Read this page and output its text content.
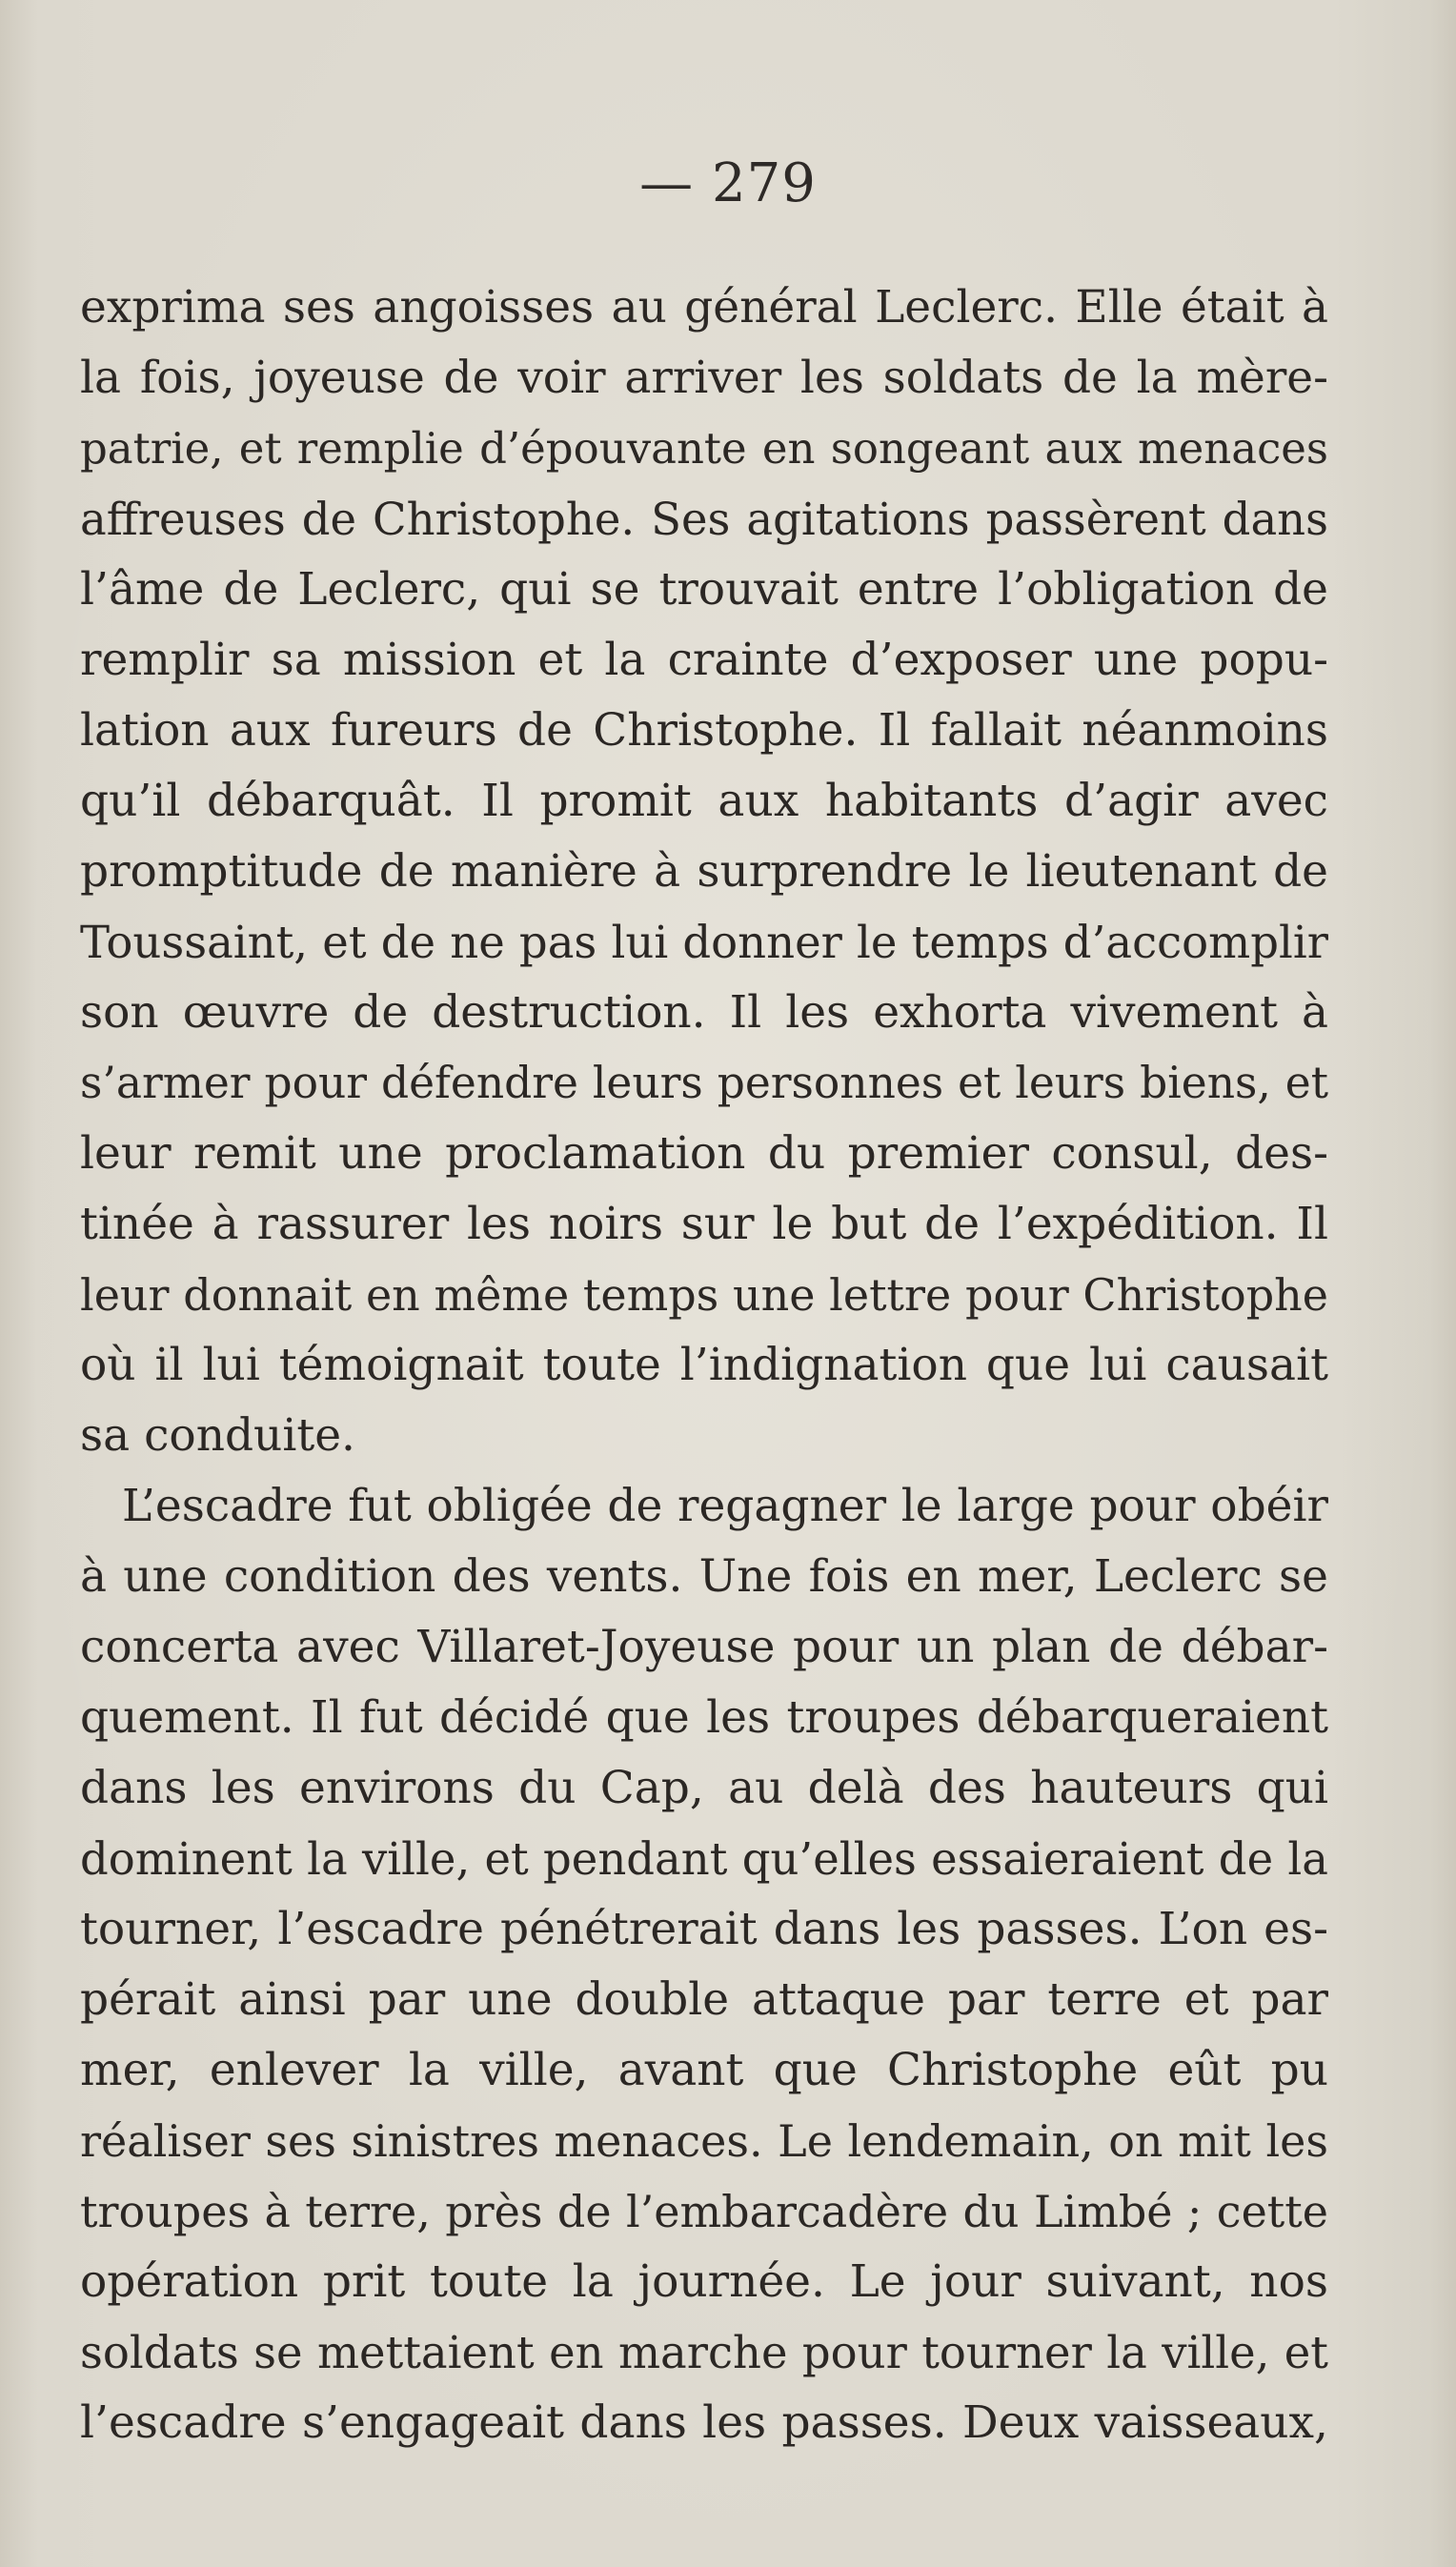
— 279
exprima ses angoisses au général Leclerc. Elle était à
la fois, joyeuse de voir arriver les soldats de la mère-
patrie, et remplie d’épouvante en songeant aux menaces
affreuses de Christophe. Ses agitations passèrent dans
l’âme de Leclerc, qui se trouvait entre l’obligation de
remplir sa mission et la crainte d’exposer une popu-
lation aux fureurs de Christophe. Il fallait néanmoins
qu’il débarquât. Il promit aux habitants d’agir avec
promptitude de manière à surprendre le lieutenant de
Toussaint, et de ne pas lui donner le temps d’accomplir
son œuvre de destruction. Il les exhorta vivement à
s’armer pour défendre leurs personnes et leurs biens, et
leur remit une proclamation du premier consul, des-
tinée à rassurer les noirs sur le but de l’expédition. Il
leur donnait en même temps une lettre pour Christophe
où il lui témoignait toute l’indignation que lui causait
sa conduite.
L’escadre fut obligée de regagner le large pour obéir
à une condition des vents. Une fois en mer, Leclerc se
concerta avec Villaret-Joyeuse pour un plan de débar-
quement. Il fut décidé que les troupes débarqueraient
dans les environs du Cap, au delà des hauteurs qui
dominent la ville, et pendant qu’elles essaieraient de la
tourner, l’escadre pénétrerait dans les passes. L’on es-
pérait ainsi par une double attaque par terre et par
mer, enlever la ville, avant que Christophe eût pu
réaliser ses sinistres menaces. Le lendemain, on mit les
troupes à terre, près de l’embarcadère du Limbé ; cette
opération prit toute la journée. Le jour suivant, nos
soldats se mettaient en marche pour tourner la ville, et
l’escadre s’engageait dans les passes. Deux vaisseaux,
